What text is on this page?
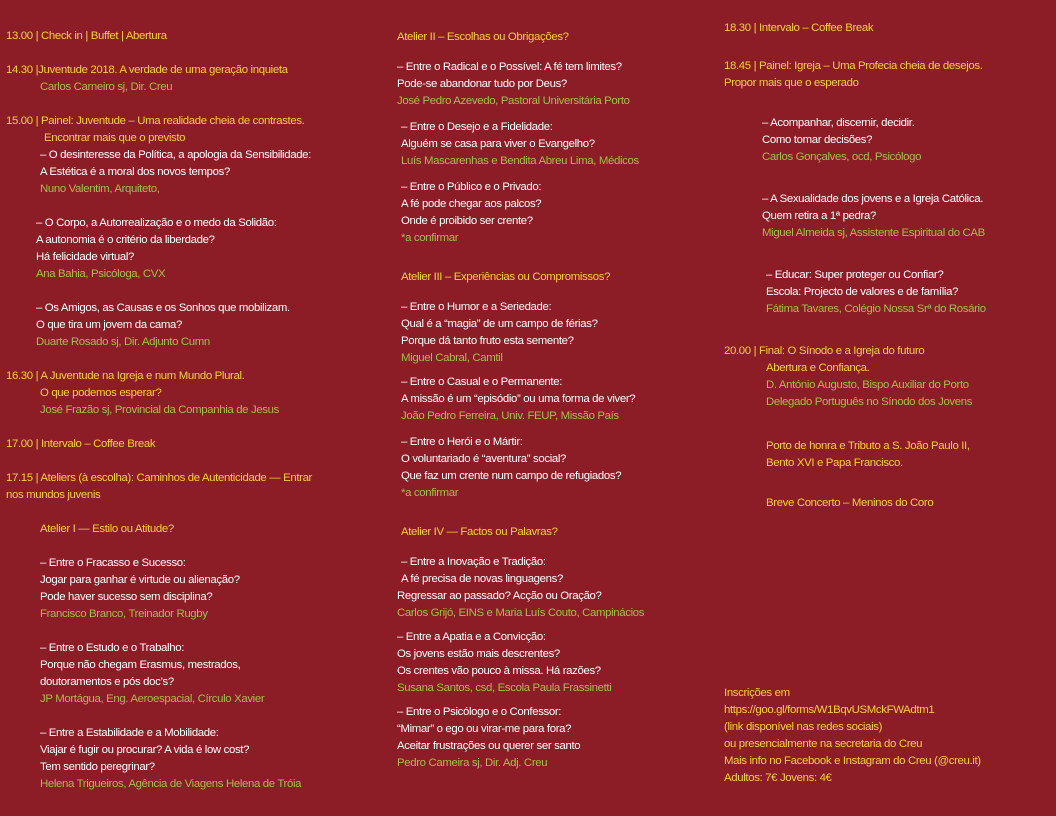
13.00 | Check in | Buffet | Abertura
14.30 |Juventude 2018. A verdade de uma geração inquieta
Carlos Carneiro sj, Dir. Creu
15.00 | Painel: Juventude – Uma realidade cheia de contrastes.
Encontrar mais que o previsto
– O desinteresse da Política, a apologia da Sensibilidade:
A Estética é a moral dos novos tempos?
Nuno Valentim, Arquiteto,
– O Corpo, a Autorrealização e o medo da Solidão:
A autonomia é o critério da liberdade?
Há felicidade virtual?
Ana Bahia, Psicóloga, CVX
– Os Amigos, as Causas e os Sonhos que mobilizam.
O que tira um jovem da cama?
Duarte Rosado sj, Dir. Adjunto Cumn
16.30 | A Juventude na Igreja e num Mundo Plural.
O que podemos esperar?
José Frazão sj, Provincial da Companhia de Jesus
17.00 | Intervalo – Coffee Break
17.15 | Ateliers (à escolha): Caminhos de Autenticidade — Entrar
nos mundos juvenis
Atelier I — Estilo ou Atitude?
– Entre o Fracasso e Sucesso:
Jogar para ganhar é virtude ou alienação?
Pode haver sucesso sem disciplina?
Francisco Branco, Treinador Rugby
– Entre o Estudo e o Trabalho:
Porque não chegam Erasmus, mestrados,
doutoramentos e pós doc’s?
JP Mortágua, Eng. Aeroespacial, Círculo Xavier
– Entre a Estabilidade e a Mobilidade:
Viajar é fugir ou procurar? A vida é low cost?
Tem sentido peregrinar?
Helena Trigueiros, Agência de Viagens Helena de Tróia
Atelier II – Escolhas ou Obrigações?
– Entre o Radical e o Possível: A fé tem limites?
Pode-se abandonar tudo por Deus?
José Pedro Azevedo, Pastoral Universitária Porto
– Entre o Desejo e a Fidelidade:
Alguém se casa para viver o Evangelho?
Luís Mascarenhas e Bendita Abreu Lima, Médicos
– Entre o Público e o Privado:
A fé pode chegar aos palcos?
Onde é proibido ser crente?
*a confirmar
Atelier III – Experiências ou Compromissos?
– Entre o Humor e a Seriedade:
Qual é a “magia” de um campo de férias?
Porque dá tanto fruto esta semente?
Miguel Cabral, Camtil
– Entre o Casual e o Permanente:
A missão é um “episódio” ou uma forma de viver?
João Pedro Ferreira, Univ. FEUP, Missão País
– Entre o Herói e o Mártir:
O voluntariado é “aventura” social?
Que faz um crente num campo de refugiados?
*a confirmar
Atelier IV — Factos ou Palavras?
– Entre a Inovação e Tradição:
A fé precisa de novas linguagens?
Regressar ao passado? Acção ou Oração?
Carlos Grijó, EINS e Maria Luís Couto, Campinácios
– Entre a Apatia e a Convicção:
Os jovens estão mais descrentes?
Os crentes vão pouco à missa. Há razões?
Susana Santos, csd, Escola Paula Frassinetti
– Entre o Psicólogo e o Confessor:
“Mimar” o ego ou virar-me para fora?
Aceitar frustrações ou querer ser santo
Pedro Cameira sj, Dir. Adj. Creu
18.30 | Intervalo – Coffee Break
18.45 | Painel: Igreja – Uma Profecia cheia de desejos.
Propor mais que o esperado
– Acompanhar, discernir, decidir.
Como tomar decisões?
Carlos Gonçalves, ocd, Psicólogo
– A Sexualidade dos jovens e a Igreja Católica.
Quem retira a 1ª pedra?
Miguel Almeida sj, Assistente Espiritual do CAB
– Educar: Super proteger ou Confiar?
Escola: Projecto de valores e de família?
Fátima Tavares, Colégio Nossa Srª do Rosário
20.00 | Final: O Sínodo e a Igreja do futuro
Abertura e Confiança.
D. António Augusto, Bispo Auxiliar do Porto
Delegado Português no Sínodo dos Jovens
Porto de honra e Tributo a S. João Paulo II,
Bento XVI e Papa Francisco.
Breve Concerto – Meninos do Coro
Inscrições em
https://goo.gl/forms/W1BqvUSMckFWAdtm1
(link disponível nas redes sociais)
ou presencialmente na secretaria do Creu
Mais info no Facebook e Instagram do Creu (@creu.it)
Adultos: 7€ Jovens: 4€
